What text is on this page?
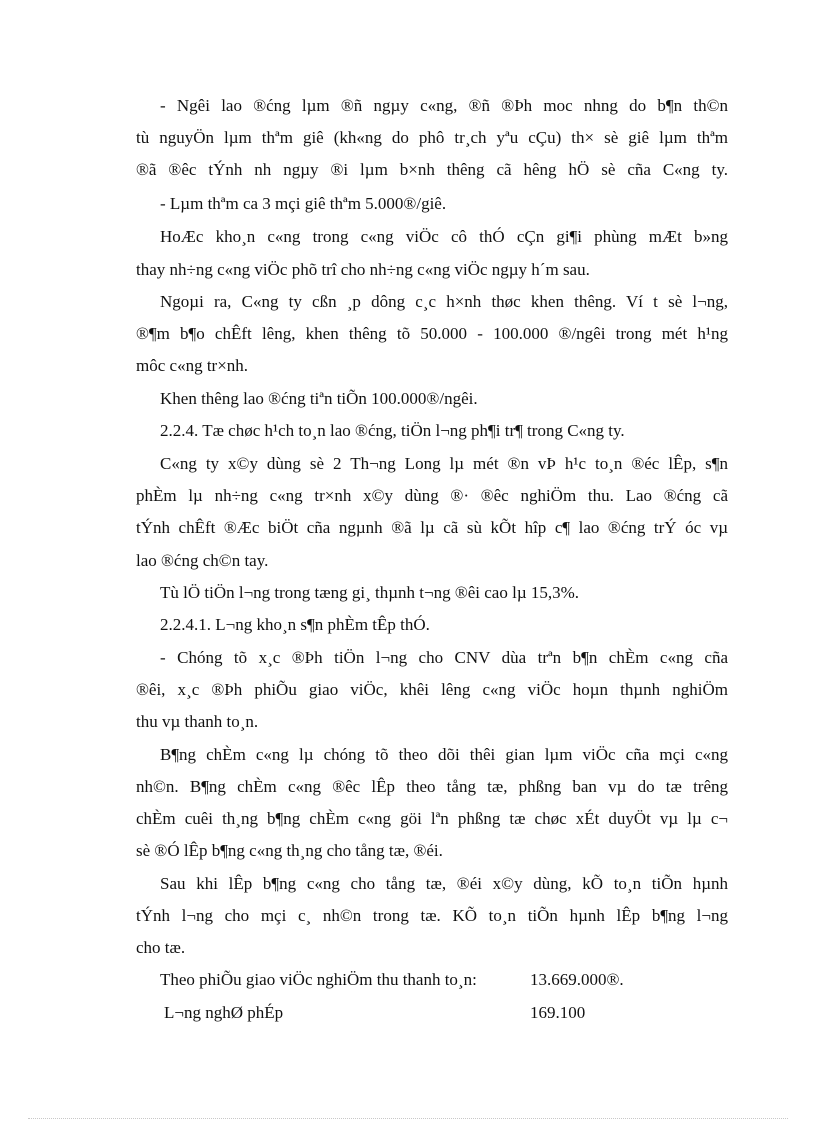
- Ngêi lao ®ćng lµm ®ñ ngµy c«ng, ®ñ ®Þh moc nhng do b¶n th©n
tù nguyÖn lµm thªm giê (kh«ng do phô tr¸ch yªu cÇu) th× sè giê lµm thªm
®ã ®êc tÝnh nh ngµy ®i lµm b×nh thêng cã hêng hÖ sè cña C«ng ty.
- Lµm thªm ca 3 mçi giê thªm 5.000®/giê.
HoÆc kho¸n c«ng trong c«ng viÖc cô thÓ cÇn gi¶i phùng mÆt b»ng
thay nh÷ng c«ng viÖc phõ trî cho nh÷ng c«ng viÖc ngµy h´m sau.
Ngoµi ra, C«ng ty cßn ¸p dông c¸c h×nh thøc khen thêng. Ví t sè l¬ng,
®¶m b¶o chÊft lêng, khen thêng tõ 50.000 - 100.000 ®/ngêi trong mét h¹ng
môc c«ng tr×nh.
Khen thêng lao ®ćng tiªn tiÕn 100.000®/ngêi.
2.2.4. Tæ chøc h¹ch to¸n lao ®ćng, tiÖn l¬ng ph¶i tr¶ trong C«ng ty.
C«ng ty x©y dùng sè 2 Th¬ng Long lµ mét ®n vÞ h¹c to¸n ®éc lÊp, s¶n
phÈm lµ nh÷ng c«ng tr×nh x©y dùng ®· ®êc nghiÖm thu. Lao ®ćng cã
tÝnh chÊft ®Æc biÖt cña ngµnh ®ã lµ cã sù kÕt hîp c¶ lao ®ćng trÝ óc vµ
lao ®ćng ch©n tay.
Tù lÖ tiÖn l¬ng trong tæng gi¸ thµnh t¬ng ®êi cao lµ 15,3%.
2.2.4.1. L¬ng kho¸n s¶n phÈm tÊp thÓ.
- Chóng tõ x¸c ®Þh tiÖn l¬ng cho CNV dùa trªn b¶n chÈm c«ng cña
®êi, x¸c ®Þh phiÕu giao viÖc, khêi lêng c«ng viÖc hoµn thµnh nghiÖm
thu vµ thanh to¸n.
B¶ng chÈm c«ng lµ chóng tõ theo dõi thêi gian lµm viÖc cña mçi c«ng
nh©n. B¶ng chÈm c«ng ®êc lÊp theo tång tæ, phßng ban vµ do tæ trêng
chÈm cuêi th¸ng b¶ng chÈm c«ng göi lªn phßng tæ chøc xÉt duyÖt vµ lµ c¬
sè ®Ó lÊp b¶ng c«ng th¸ng cho tång tæ, ®éi.
Sau khi lÊp b¶ng c«ng cho tång tæ, ®éi x©y dùng, kÕ to¸n tiÕn hµnh
tÝnh l¬ng cho mçi c¸ nh©n trong tæ. KÕ to¸n tiÕn hµnh lÊp b¶ng l¬ng
cho tæ.
Theo phiÕu giao viÖc nghiÖm thu thanh to¸n:	13.669.000®.
L¬ng nghØ phÉp	169.100
